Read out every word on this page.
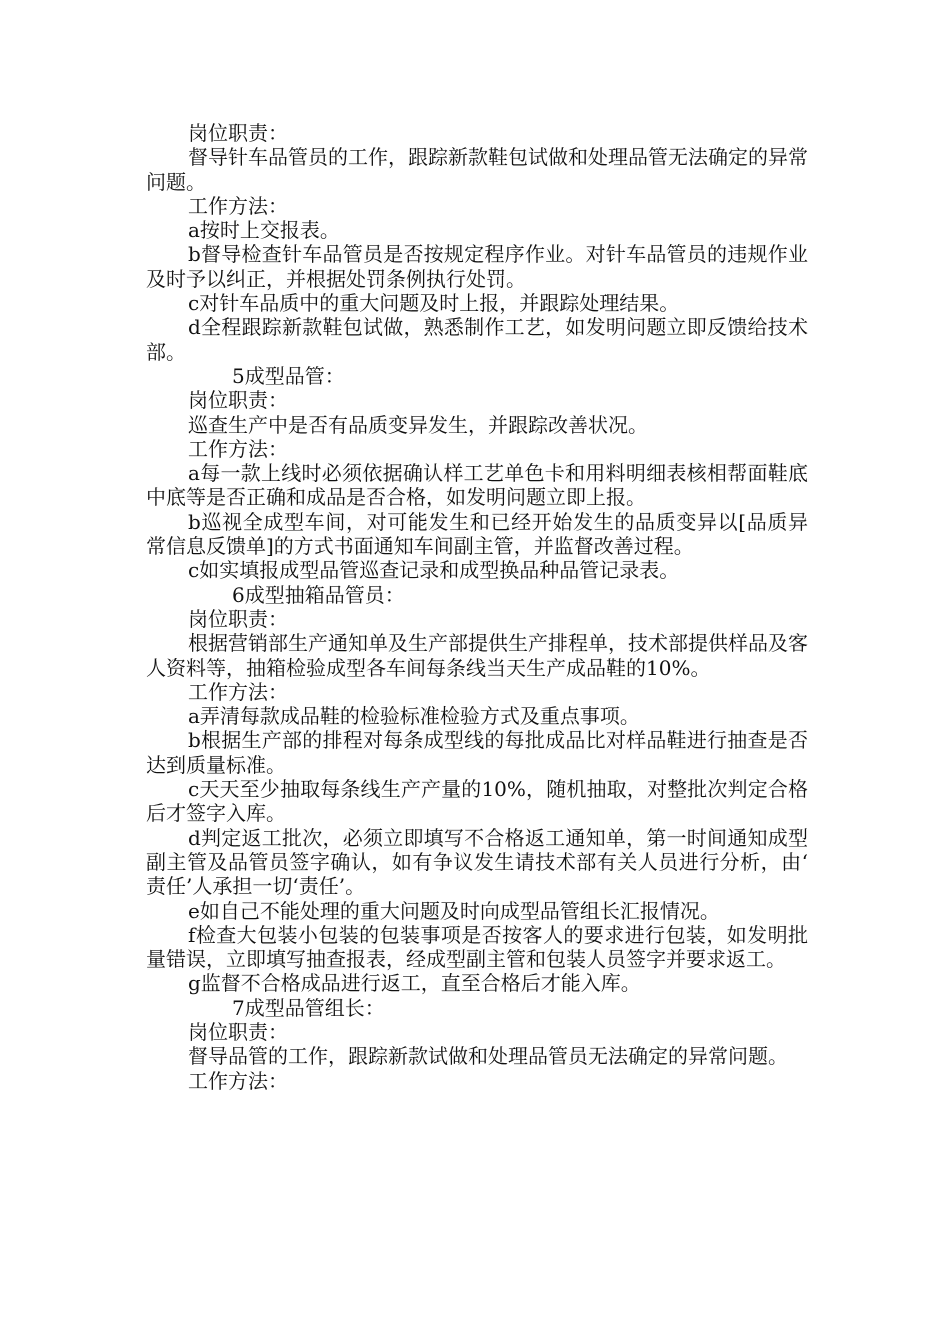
岗位职责：

督导针车品管员的工作，跟踪新款鞋包试做和处理品管无法确定的异常问题。

工作方法：

a按时上交报表。

b督导检查针车品管员是否按规定程序作业。对针车品管员的违规作业及时予以纠正，并根据处罚条例执行处罚。

c对针车品质中的重大问题及时上报，并跟踪处理结果。

d全程跟踪新款鞋包试做，熟悉制作工艺，如发明问题立即反馈给技术部。

5成型品管：

岗位职责：

巡查生产中是否有品质变异发生，并跟踪改善状况。

工作方法：

a每一款上线时必须依据确认样工艺单色卡和用料明细表核相帮面鞋底中底等是否正确和成品是否合格，如发明问题立即上报。

b巡视全成型车间，对可能发生和已经开始发生的品质变异以[品质异常信息反馈单]的方式书面通知车间副主管，并监督改善过程。

c如实填报成型品管巡查记录和成型换品种品管记录表。

6成型抽箱品管员：

岗位职责：

根据营销部生产通知单及生产部提供生产排程单，技术部提供样品及客人资料等，抽箱检验成型各车间每条线当天生产成品鞋的10%。

工作方法：

a弄清每款成品鞋的检验标准检验方式及重点事项。

b根据生产部的排程对每条成型线的每批成品比对样品鞋进行抽查是否达到质量标准。

c天天至少抽取每条线生产产量的10%，随机抽取，对整批次判定合格后才签字入库。

d判定返工批次，必须立即填写不合格返工通知单，第一时间通知成型副主管及品管员签字确认，如有争议发生请技术部有关人员进行分析，由‘责任’人承担一切‘责任’。

e如自己不能处理的重大问题及时向成型品管组长汇报情况。

f检查大包装小包装的包装事项是否按客人的要求进行包装，如发明批量错误，立即填写抽查报表，经成型副主管和包装人员签字并要求返工。

g监督不合格成品进行返工，直至合格后才能入库。

7成型品管组长：

岗位职责：

督导品管的工作，跟踪新款试做和处理品管员无法确定的异常问题。

工作方法：
